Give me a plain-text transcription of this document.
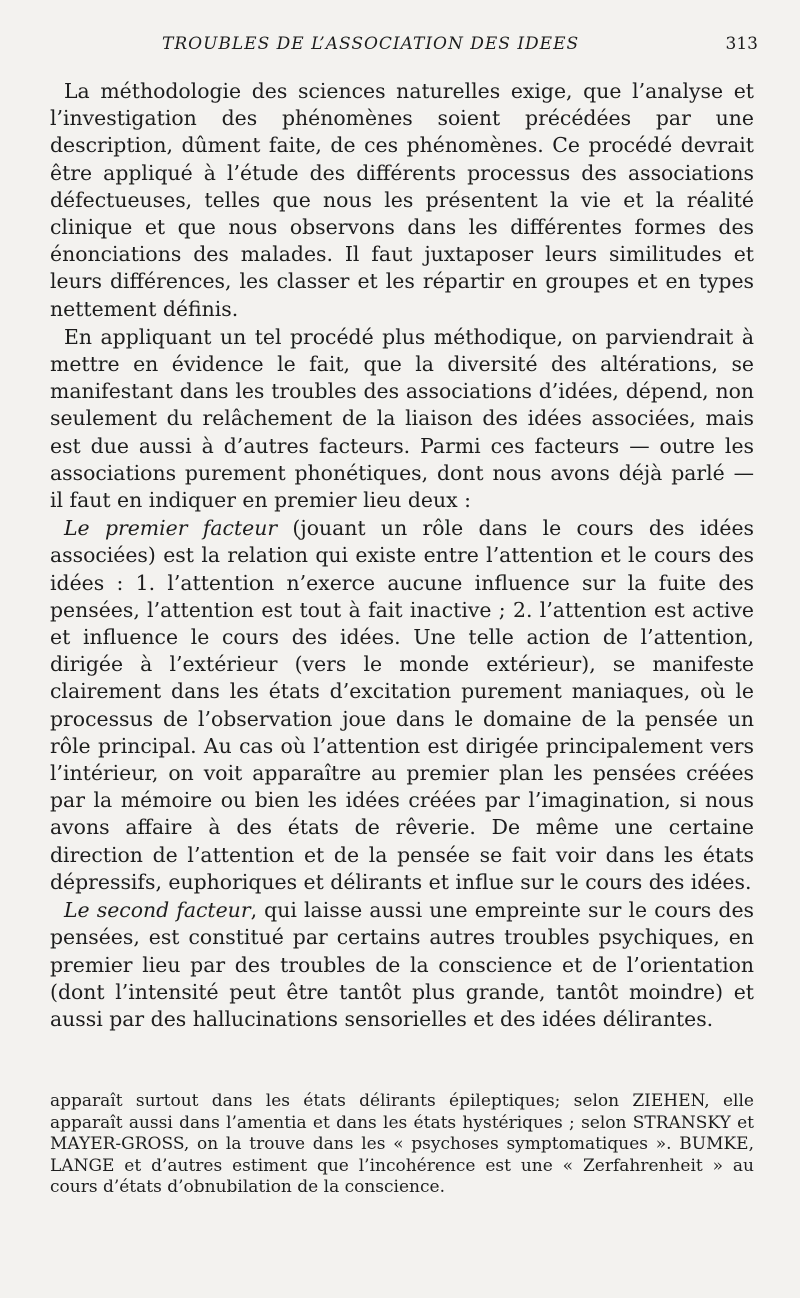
TROUBLES DE L’ASSOCIATION DES IDEES	313

La méthodologie des sciences naturelles exige, que l’analyse et l’investigation des phénomènes soient précédées par une description, dûment faite, de ces phénomènes. Ce procédé devrait être appliqué à l’étude des différents processus des associations défectueuses, telles que nous les présentent la vie et la réalité clinique et que nous observons dans les différentes formes des énonciations des malades. Il faut juxtaposer leurs similitudes et leurs différences, les classer et les répartir en groupes et en types nettement définis.

En appliquant un tel procédé plus méthodique, on parviendrait à mettre en évidence le fait, que la diversité des altérations, se manifestant dans les troubles des associations d’idées, dépend, non seulement du relâchement de la liaison des idées associées, mais est due aussi à d’autres facteurs. Parmi ces facteurs — outre les associations purement phonétiques, dont nous avons déjà parlé — il faut en indiquer en premier lieu deux :

Le premier facteur (jouant un rôle dans le cours des idées associées) est la relation qui existe entre l’attention et le cours des idées : 1. l’attention n’exerce aucune influence sur la fuite des pensées, l’attention est tout à fait inactive ; 2. l’attention est active et influence le cours des idées. Une telle action de l’attention, dirigée à l’extérieur (vers le monde extérieur), se manifeste clairement dans les états d’excitation purement maniaques, où le processus de l’observation joue dans le domaine de la pensée un rôle principal. Au cas où l’attention est dirigée principalement vers l’intérieur, on voit apparaître au premier plan les pensées créées par la mémoire ou bien les idées créées par l’imagination, si nous avons affaire à des états de rêverie. De même une certaine direction de l’attention et de la pensée se fait voir dans les états dépressifs, euphoriques et délirants et influe sur le cours des idées.

Le second facteur, qui laisse aussi une empreinte sur le cours des pensées, est constitué par certains autres troubles psychiques, en premier lieu par des troubles de la conscience et de l’orientation (dont l’intensité peut être tantôt plus grande, tantôt moindre) et aussi par des hallucinations sensorielles et des idées délirantes.

apparaît surtout dans les états délirants épileptiques; selon ZIEHEN, elle apparaît aussi dans l’amentia et dans les états hystériques ; selon STRANSKY et MAYER-GROSS, on la trouve dans les « psychoses symptomatiques ». BUMKE, LANGE et d’autres estiment que l’incohérence est une « Zerfahrenheit » au cours d’états d’obnubilation de la conscience.
